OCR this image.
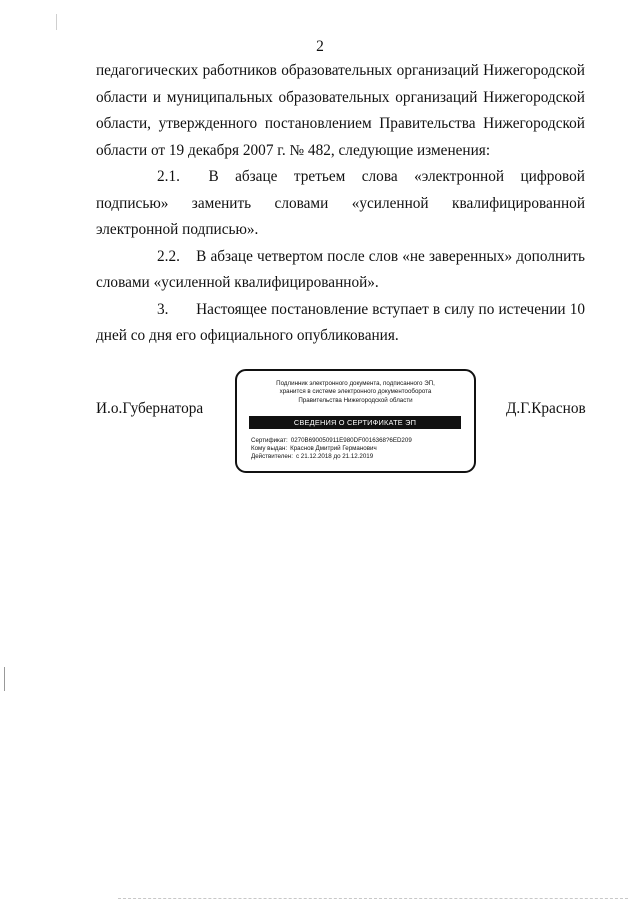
2

педагогических работников образовательных организаций Нижегородской

области и муниципальных образовательных организаций Нижегородской

области, утвержденного постановлением Правительства Нижегородской

области от 19 декабря 2007 г. № 482, следующие изменения:

2.1. В абзаце третьем слова «электронной цифровой подписью» заменить словами «усиленной квалифицированной электронной подписью».

2.2. В абзаце четвертом после слов «не заверенных» дополнить словами «усиленной квалифицированной».

3. Настоящее постановление вступает в силу по истечении 10 дней со дня его официального опубликования.

И.о.Губернатора
Подлинник электронного документа, подписанного ЭП,
хранится в системе электронного документооборота
Правительства Нижегородской области
СВЕДЕНИЯ О СЕРТИФИКАТЕ ЭП
Сертификат: 0270B690050911E980DF0016368?6ED209
Кому выдан: Краснов Дмитрий Германович
Действителен: с 21.12.2018 до 21.12.2019
Д.Г.Краснов
